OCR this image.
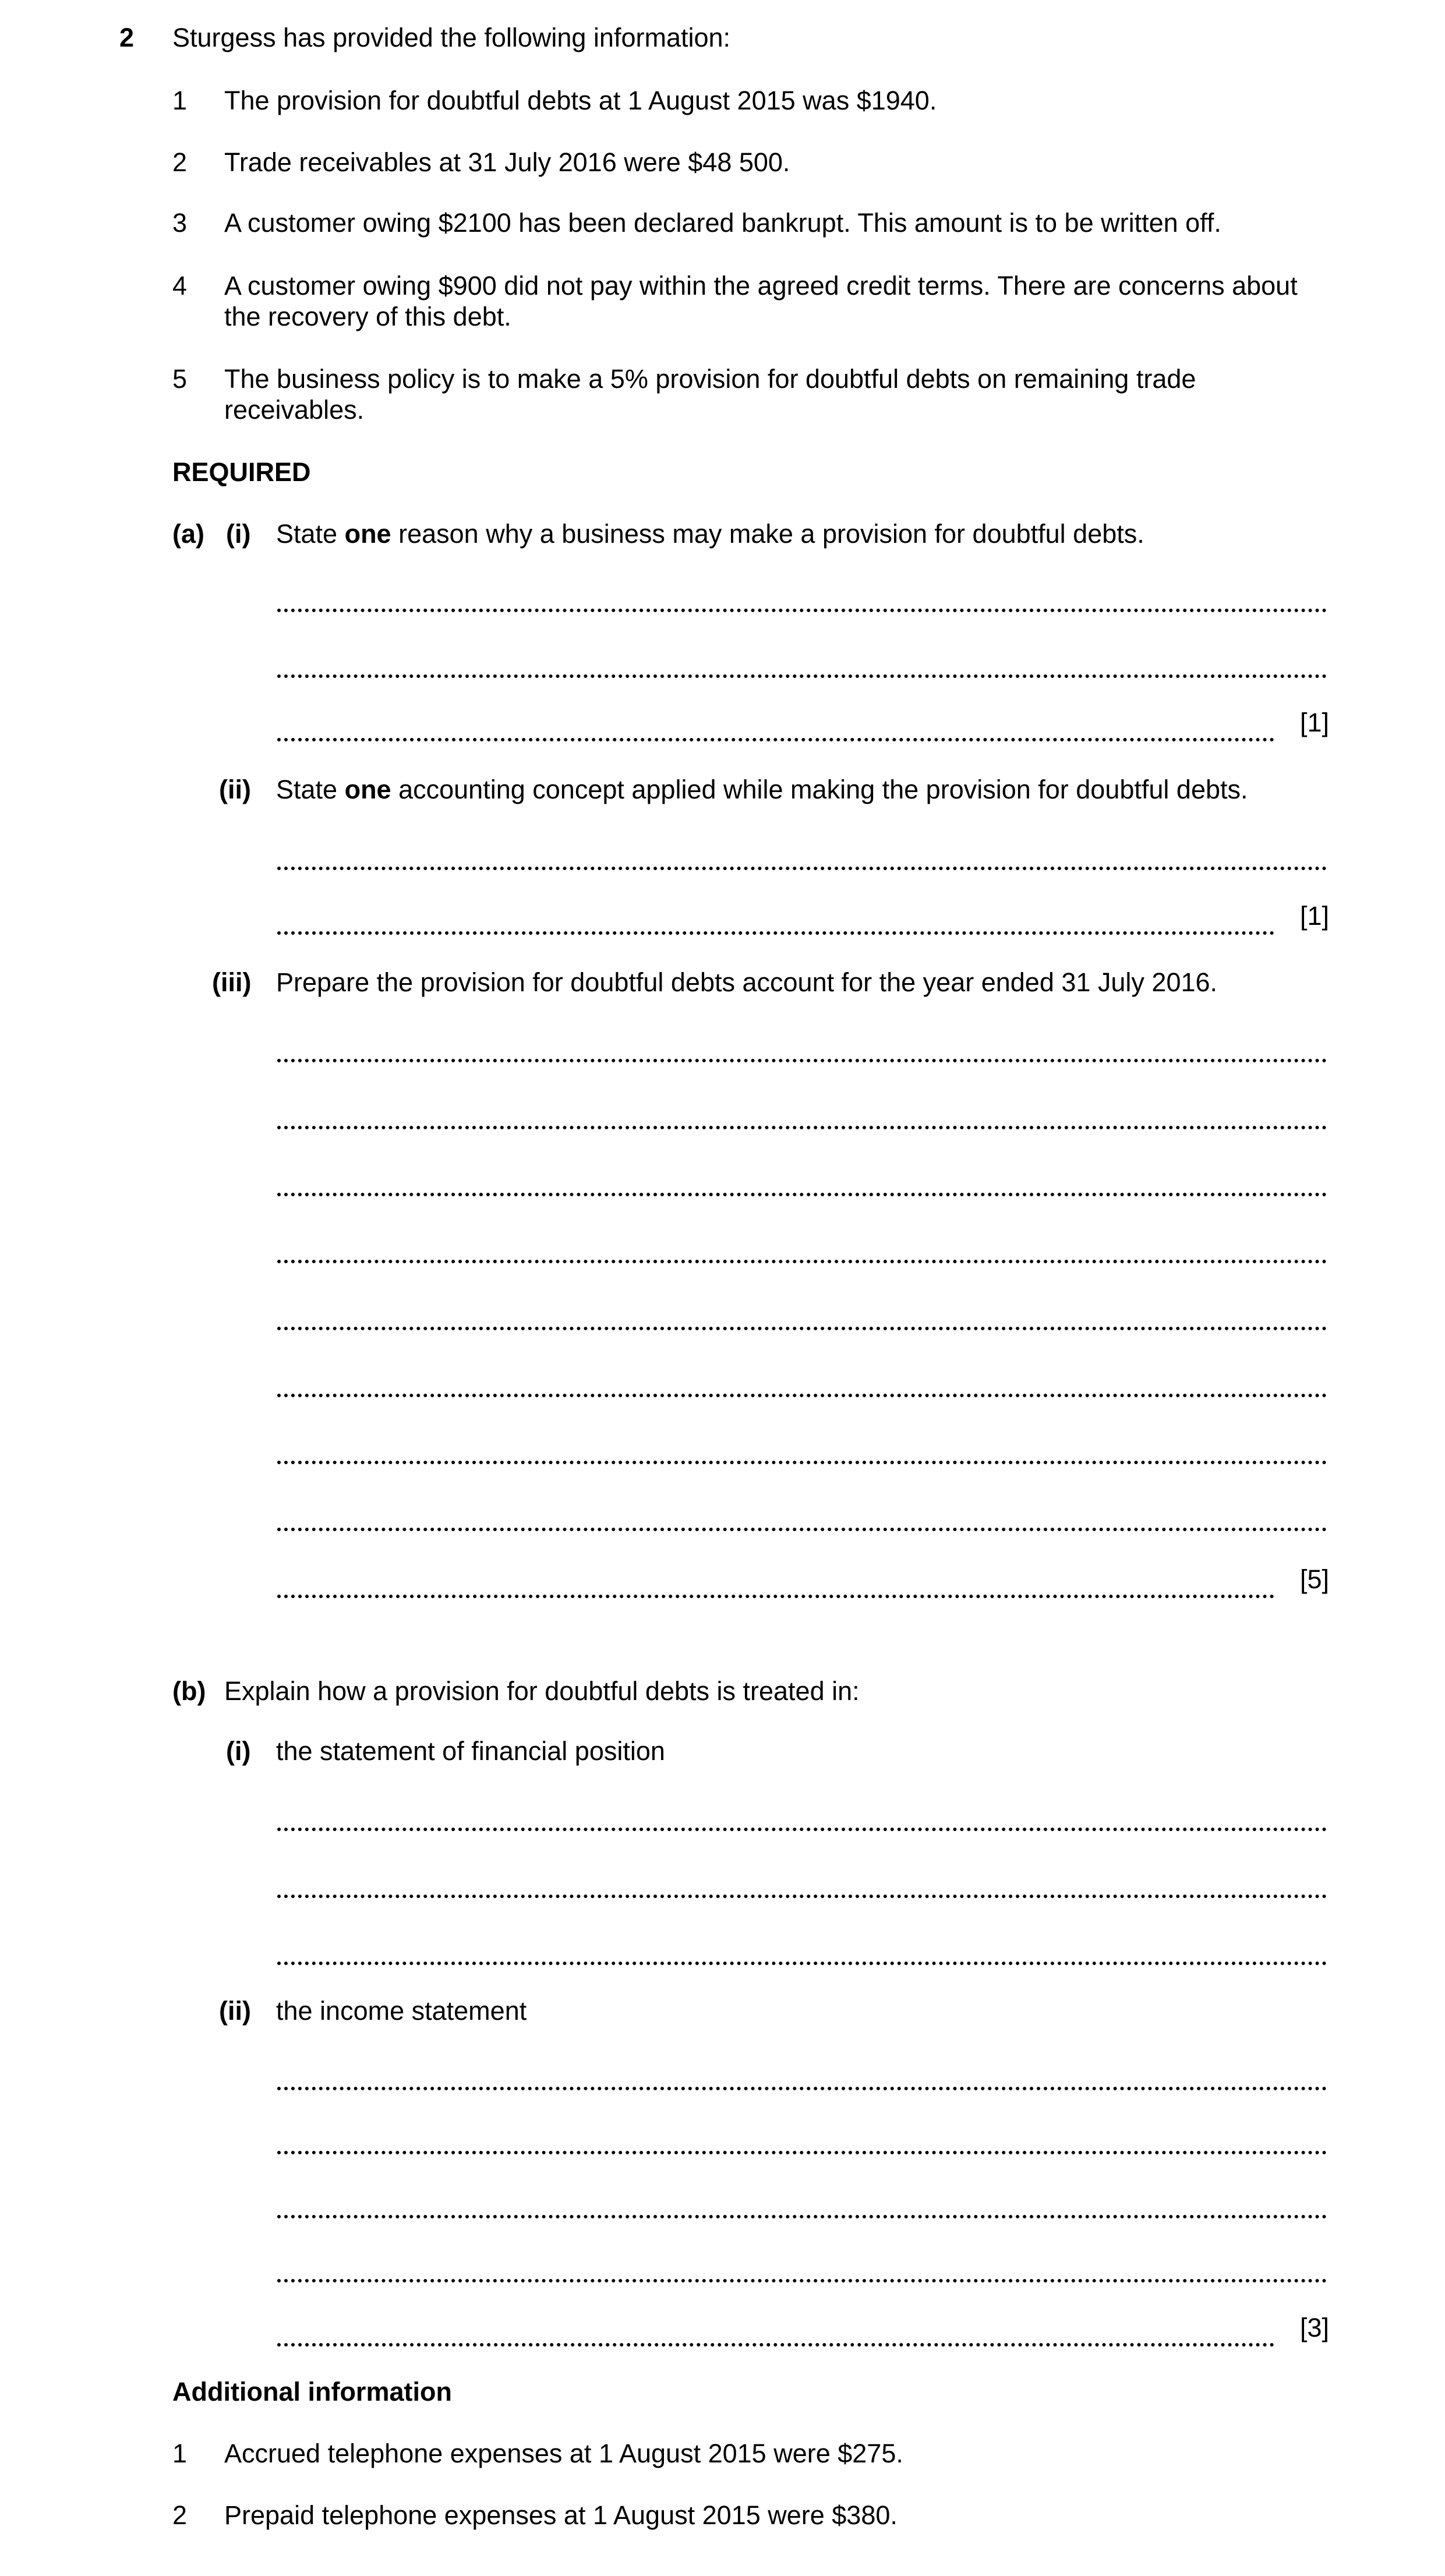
2 Sturgess has provided the following information:
1 The provision for doubtful debts at 1 August 2015 was $1940.
2 Trade receivables at 31 July 2016 were $48 500.
3 A customer owing $2100 has been declared bankrupt. This amount is to be written off.
4 A customer owing $900 did not pay within the agreed credit terms. There are concerns about
the recovery of this debt.
5 The business policy is to make a 5% provision for doubtful debts on remaining trade
receivables.
REQUIRED
(a) (i) State one reason why a business may make a provision for doubtful debts.
[1]
(ii) State one accounting concept applied while making the provision for doubtful debts.
[1]
(iii) Prepare the provision for doubtful debts account for the year ended 31 July 2016.
[5]
(b) Explain how a provision for doubtful debts is treated in:
(i) the statement of financial position
(ii) the income statement
[3]
Additional information
1 Accrued telephone expenses at 1 August 2015 were $275.
2 Prepaid telephone expenses at 1 August 2015 were $380.
